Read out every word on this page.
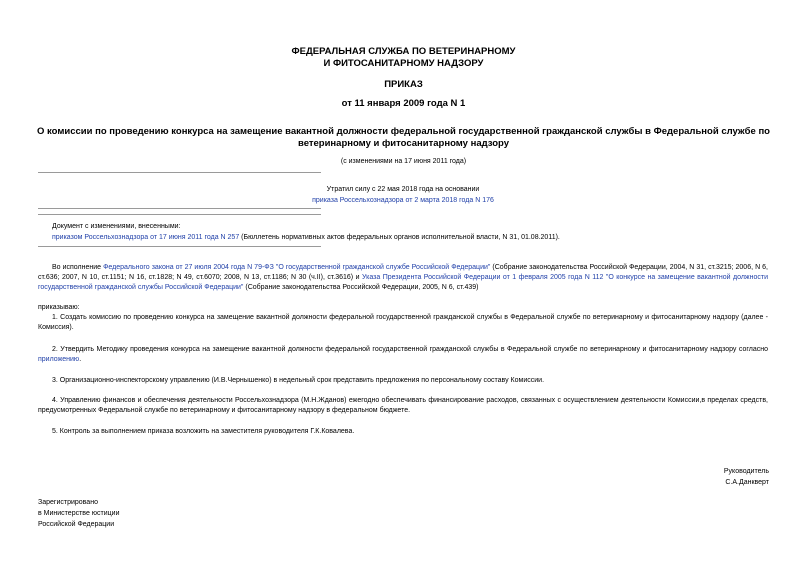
ФЕДЕРАЛЬНАЯ СЛУЖБА ПО ВЕТЕРИНАРНОМУ
И ФИТОСАНИТАРНОМУ НАДЗОРУ
ПРИКАЗ
от 11 января 2009 года N 1
О комиссии по проведению конкурса на замещение вакантной должности федеральной государственной гражданской службы в Федеральной службе по
ветеринарному и фитосанитарному надзору
(с изменениями на 17 июня 2011 года)
Утратил силу с 22 мая 2018 года на основании
приказа Россельхознадзора от 2 марта 2018 года N 176
Документ с изменениями, внесенными:
приказом Россельхознадзора от 17 июня 2011 года N 257 (Бюллетень нормативных актов федеральных органов исполнительной власти, N 31, 01.08.2011).
Во исполнение Федерального закона от 27 июля 2004 года N 79-ФЗ "О государственной гражданской службе Российской Федерации" (Собрание законодательства Российской Федерации, 2004, N 31, ст.3215; 2006, N 6, ст.636; 2007, N 10, ст.1151; N 16, ст.1828; N 49, ст.6070; 2008, N 13, ст.1186; N 30 (ч.II), ст.3616) и Указа Президента Российской Федерации от 1 февраля 2005 года N 112 "О конкурсе на замещение вакантной должности государственной гражданской службы Российской Федерации" (Собрание законодательства Российской Федерации, 2005, N 6, ст.439)
приказываю:
1. Создать комиссию по проведению конкурса на замещение вакантной должности федеральной государственной гражданской службы в Федеральной службе по ветеринарному и фитосанитарному надзору (далее - Комиссия).
2. Утвердить Методику проведения конкурса на замещение вакантной должности федеральной государственной гражданской службы в Федеральной службе по ветеринарному и фитосанитарному надзору согласно приложению.
3. Организационно-инспекторскому управлению (И.В.Чернышенко) в недельный срок представить предложения по персональному составу Комиссии.
4. Управлению финансов и обеспечения деятельности Россельхознадзора (М.Н.Жданов) ежегодно обеспечивать финансирование расходов, связанных с осуществлением деятельности Комиссии,в пределах средств, предусмотренных Федеральной службе по ветеринарному и фитосанитарному надзору в федеральном бюджете.
5. Контроль за выполнением приказа возложить на заместителя руководителя Г.К.Ковалева.
Руководитель
С.А.Данкверт
Зарегистрировано
в Министерстве юстиции
Российской Федерации
